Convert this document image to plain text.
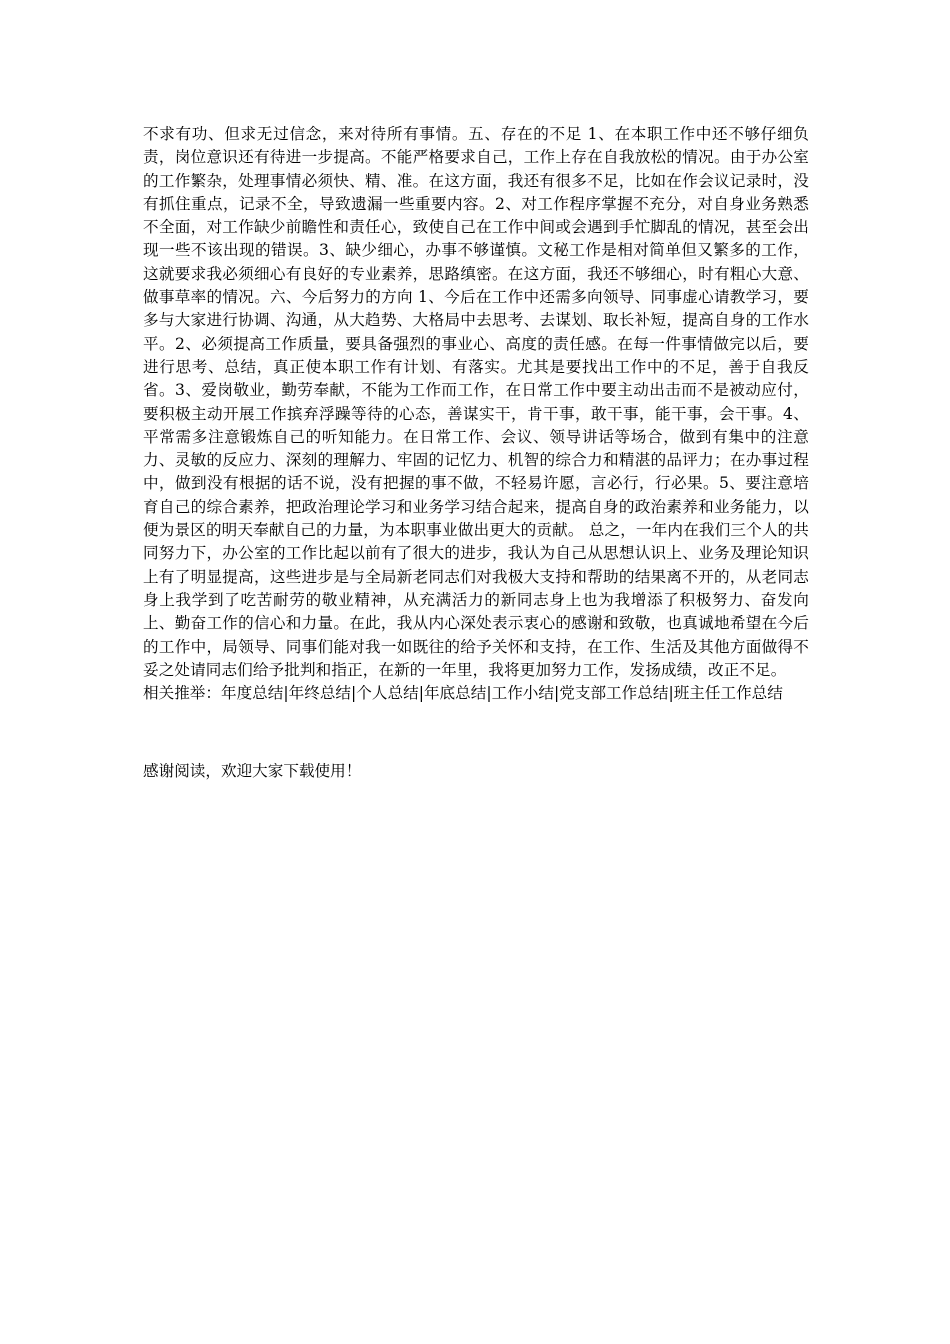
不求有功、但求无过信念，来对待所有事情。五、存在的不足 1、在本职工作中还不够仔细负责，岗位意识还有待进一步提高。不能严格要求自己，工作上存在自我放松的情况。由于办公室的工作繁杂，处理事情必须快、精、准。在这方面，我还有很多不足，比如在作会议记录时，没有抓住重点，记录不全，导致遗漏一些重要内容。2、对工作程序掌握不充分，对自身业务熟悉不全面，对工作缺少前瞻性和责任心，致使自己在工作中间或会遇到手忙脚乱的情况，甚至会出现一些不该出现的错误。3、缺少细心，办事不够谨慎。文秘工作是相对简单但又繁多的工作，这就要求我必须细心有良好的专业素养，思路缜密。在这方面，我还不够细心，时有粗心大意、做事草率的情况。六、今后努力的方向 1、今后在工作中还需多向领导、同事虚心请教学习，要多与大家进行协调、沟通，从大趋势、大格局中去思考、去谋划、取长补短，提高自身的工作水平。2、必须提高工作质量，要具备强烈的事业心、高度的责任感。在每一件事情做完以后，要进行思考、总结，真正使本职工作有计划、有落实。尤其是要找出工作中的不足，善于自我反省。3、爱岗敬业，勤劳奉献，不能为工作而工作，在日常工作中要主动出击而不是被动应付，要积极主动开展工作摈弃浮躁等待的心态，善谋实干，肯干事，敢干事，能干事，会干事。4、平常需多注意锻炼自己的听知能力。在日常工作、会议、领导讲话等场合，做到有集中的注意力、灵敏的反应力、深刻的理解力、牢固的记忆力、机智的综合力和精湛的品评力；在办事过程中，做到没有根据的话不说，没有把握的事不做，不轻易许愿，言必行，行必果。5、要注意培育自己的综合素养，把政治理论学习和业务学习结合起来，提高自身的政治素养和业务能力，以便为景区的明天奉献自己的力量，为本职事业做出更大的贡献。 总之，一年内在我们三个人的共同努力下，办公室的工作比起以前有了很大的进步，我认为自己从思想认识上、业务及理论知识上有了明显提高，这些进步是与全局新老同志们对我极大支持和帮助的结果离不开的，从老同志身上我学到了吃苦耐劳的敬业精神，从充满活力的新同志身上也为我增添了积极努力、奋发向上、勤奋工作的信心和力量。在此，我从内心深处表示衷心的感谢和致敬，也真诚地希望在今后的工作中，局领导、同事们能对我一如既往的给予关怀和支持，在工作、生活及其他方面做得不妥之处请同志们给予批判和指正，在新的一年里，我将更加努力工作，发扬成绩，改正不足。

相关推举：年度总结|年终总结|个人总结|年底总结|工作小结|党支部工作总结|班主任工作总结

感谢阅读，欢迎大家下载使用！
